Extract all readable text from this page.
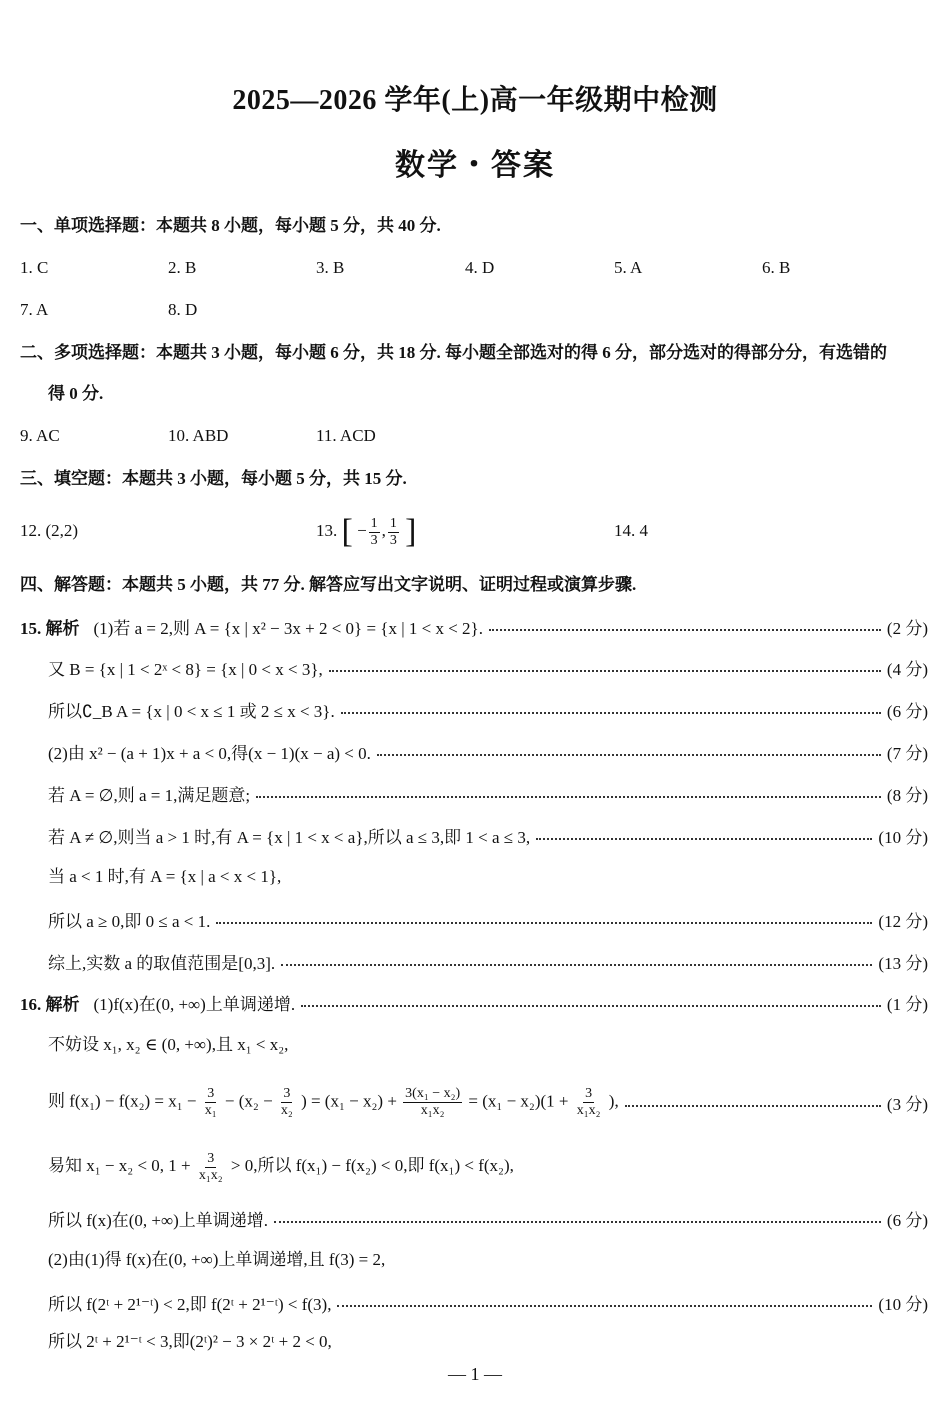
2025—2026 学年(上)高一年级期中检测
数学・答案
一、单项选择题：本题共 8 小题，每小题 5 分，共 40 分.
1. C	2. B	3. B	4. D	5. A	6. B
7. A	8. D
二、多项选择题：本题共 3 小题，每小题 6 分，共 18 分. 每小题全部选对的得 6 分，部分选对的得部分分，有选错的
得 0 分.
9. AC	10. ABD	11. ACD
三、填空题：本题共 3 小题，每小题 5 分，共 15 分.
12. (2,2)	13. [ − $\frac{1}{3}$ , $\frac{1}{3}$ ]	14. 4
四、解答题：本题共 5 小题，共 77 分. 解答应写出文字说明、证明过程或演算步骤.
15. 解析 (1)若 a = 2,则 A = {x | x² − 3x + 2 < 0} = {x | 1 < x < 2}.	(2 分)
又 B = {x | 1 < 2ˣ < 8} = {x | 0 < x < 3},	(4 分)
所以∁_B A = {x | 0 < x ≤ 1 或 2 ≤ x < 3}.	(6 分)
(2)由 x² − (a + 1)x + a < 0,得(x − 1)(x − a) < 0.	(7 分)
若 A = ∅,则 a = 1,满足题意;	(8 分)
若 A ≠ ∅,则当 a > 1 时,有 A = {x | 1 < x < a},所以 a ≤ 3,即 1 < a ≤ 3,	(10 分)
当 a < 1 时,有 A = {x | a < x < 1},
所以 a ≥ 0,即 0 ≤ a < 1.	(12 分)
综上,实数 a 的取值范围是[0,3].	(13 分)
16. 解析 (1)f(x)在(0, +∞)上单调递增.	(1 分)
不妨设 x₁, x₂ ∈ (0, +∞),且 x₁ < x₂,
则 $f(x_1) - f(x_2) = x_1 - \frac{3}{\text{x₁}} - (x_2 - \frac{3}{\text{x₂}}$ ) = $(x_1 - x_2) + \frac{\text{3(x₁ − x₂)}}{\text{x₁x₂}} = (x_1 - x_2)(1 + \frac{3}{\text{x₁x₂}}$ ),	(3 分)
易知 x₁ − x₂ < 0, $1 + \frac{3}{\text{x₁x₂}} > 0$,所以 f(x₁) − f(x₂) < 0,即 f(x₁) < f(x₂),
所以 f(x)在(0, +∞)上单调递增.	(6 分)
(2)由(1)得 f(x)在(0, +∞)上单调递增,且 f(3) = 2,
所以 f(2ᵗ + 2¹⁻ᵗ) < 2,即 f(2ᵗ + 2¹⁻ᵗ) < f(3),	(10 分)
所以 2ᵗ + 2¹⁻ᵗ < 3,即(2ᵗ)² − 3 × 2ᵗ + 2 < 0,
— 1 —
